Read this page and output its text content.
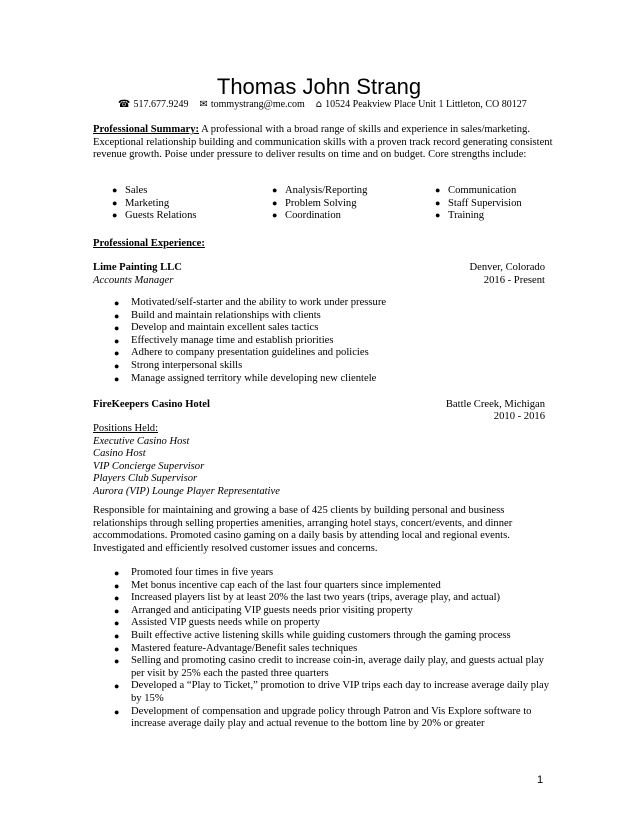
Thomas John Strang
☎ 517.677.9249 ✉ tommystrang@me.com ⌂ 10524 Peakview Place Unit 1 Littleton, CO 80127
Professional Summary: A professional with a broad range of skills and experience in sales/marketing. Exceptional relationship building and communication skills with a proven track record generating consistent revenue growth. Poise under pressure to deliver results on time and on budget. Core strengths include:
● Sales
● Marketing
● Guests Relations
● Analysis/Reporting
● Problem Solving
● Coordination
● Communication
● Staff Supervision
● Training
Professional Experience:
Lime Painting LLC	Denver, Colorado
Accounts Manager	2016 - Present
●	Motivated/self-starter and the ability to work under pressure
●	Build and maintain relationships with clients
●	Develop and maintain excellent sales tactics
●	Effectively manage time and establish priorities
●	Adhere to company presentation guidelines and policies
●	Strong interpersonal skills
●	Manage assigned territory while developing new clientele
FireKeepers Casino Hotel	Battle Creek, Michigan
2010 - 2016
Positions Held:
Executive Casino Host
Casino Host
VIP Concierge Supervisor
Players Club Supervisor
Aurora (VIP) Lounge Player Representative
Responsible for maintaining and growing a base of 425 clients by building personal and business relationships through selling properties amenities, arranging hotel stays, concert/events, and dinner accommodations. Promoted casino gaming on a daily basis by attending local and regional events. Investigated and efficiently resolved customer issues and concerns.
●	Promoted four times in five years
●	Met bonus incentive cap each of the last four quarters since implemented
●	Increased players list by at least 20% the last two years (trips, average play, and actual)
●	Arranged and anticipating VIP guests needs prior visiting property
●	Assisted VIP guests needs while on property
●	Built effective active listening skills while guiding customers through the gaming process
●	Mastered feature-Advantage/Benefit sales techniques
●	Selling and promoting casino credit to increase coin-in, average daily play, and guests actual play per visit by 25% each the pasted three quarters
●	Developed a “Play to Ticket,” promotion to drive VIP trips each day to increase average daily play by 15%
●	Development of compensation and upgrade policy through Patron and Vis Explore software to increase average daily play and actual revenue to the bottom line by 20% or greater
1
